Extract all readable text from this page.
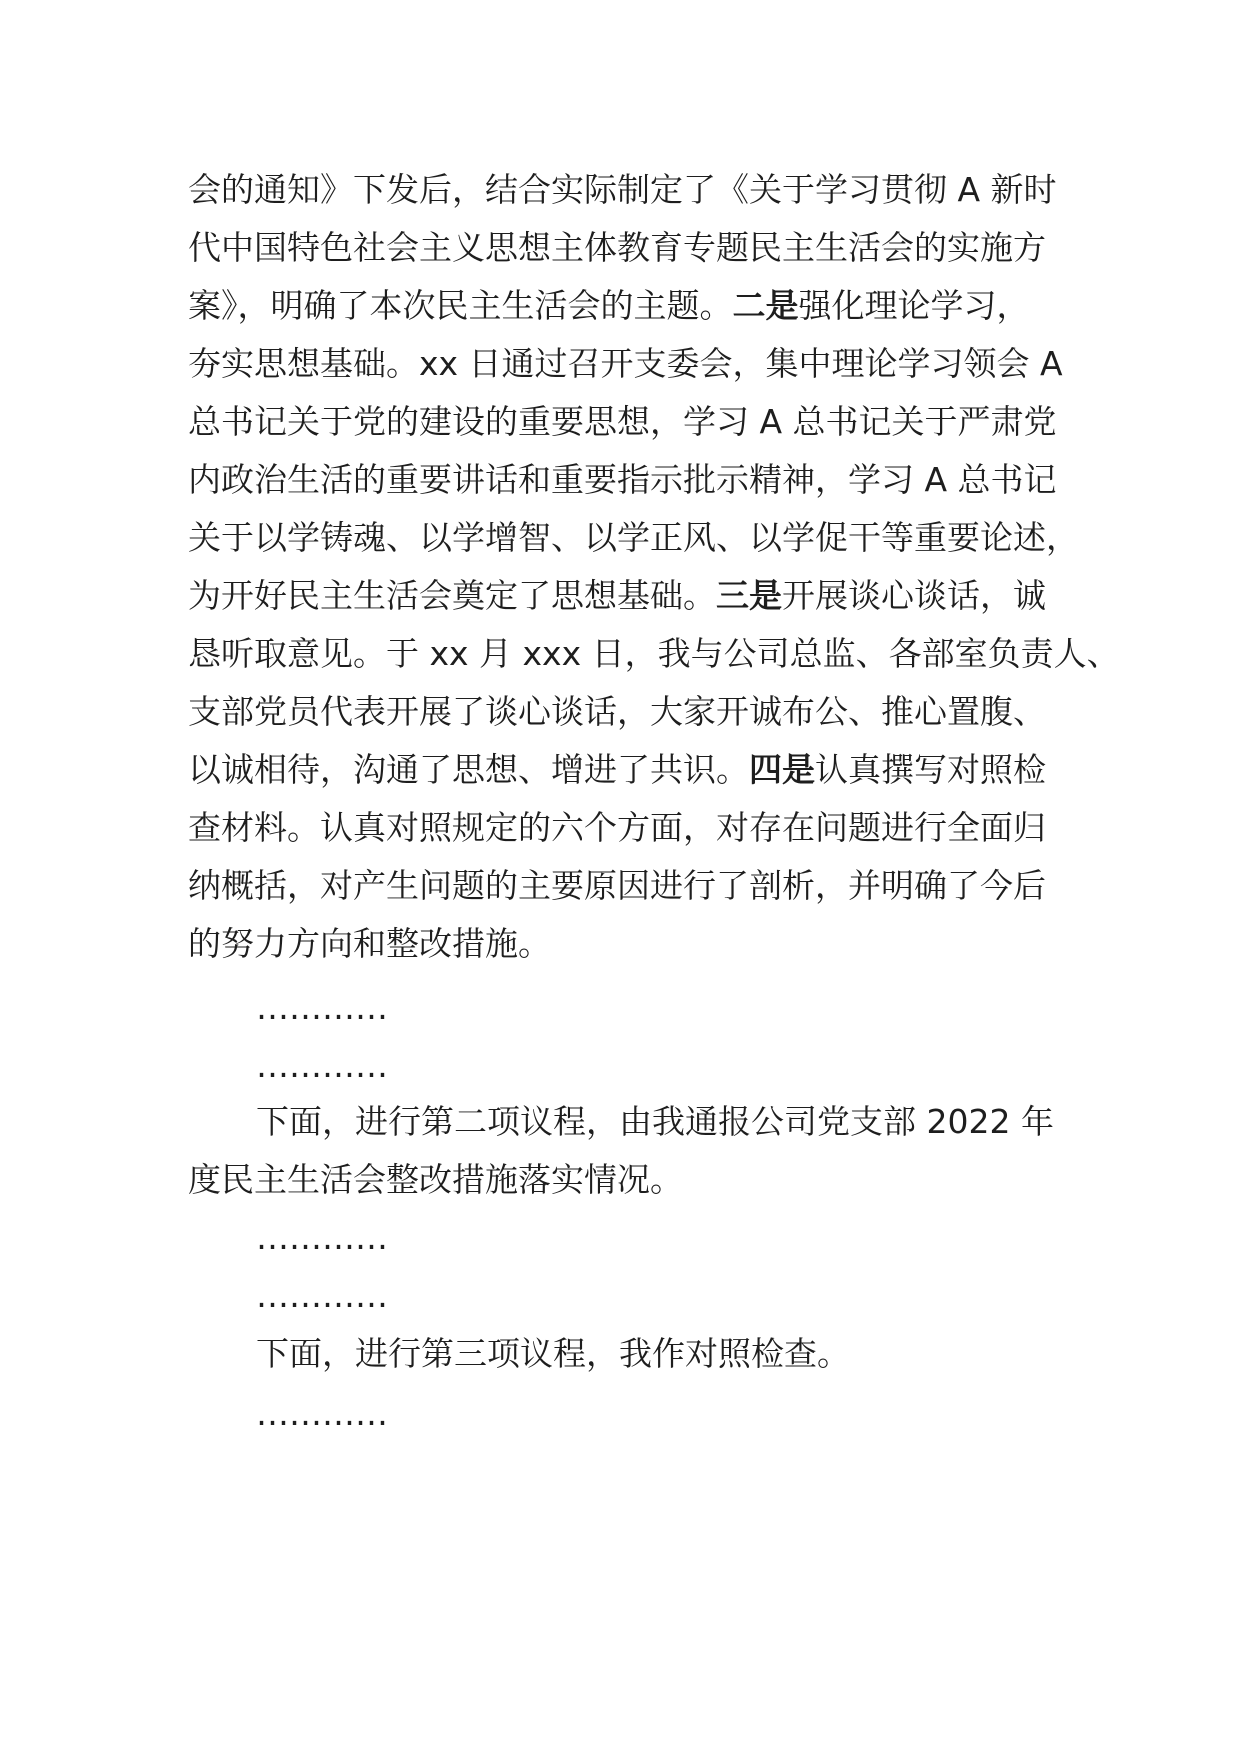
会的通知》下发后，结合实际制定了《关于学习贯彻 A 新时
代中国特色社会主义思想主体教育专题民主生活会的实施方
案》，明确了本次民主生活会的主题。二是强化理论学习，
夯实思想基础。xx 日通过召开支委会，集中理论学习领会 A
总书记关于党的建设的重要思想，学习 A 总书记关于严肃党
内政治生活的重要讲话和重要指示批示精神，学习 A 总书记
关于以学铸魂、以学增智、以学正风、以学促干等重要论述，
为开好民主生活会奠定了思想基础。三是开展谈心谈话，诚
恳听取意见。于 xx 月 xxx 日，我与公司总监、各部室负责人、
支部党员代表开展了谈心谈话，大家开诚布公、推心置腹、
以诚相待，沟通了思想、增进了共识。四是认真撰写对照检
查材料。认真对照规定的六个方面，对存在问题进行全面归
纳概括，对产生问题的主要原因进行了剖析，并明确了今后
的努力方向和整改措施。
…………
…………
下面，进行第二项议程，由我通报公司党支部 2022 年
度民主生活会整改措施落实情况。
…………
…………
下面，进行第三项议程，我作对照检查。
…………
